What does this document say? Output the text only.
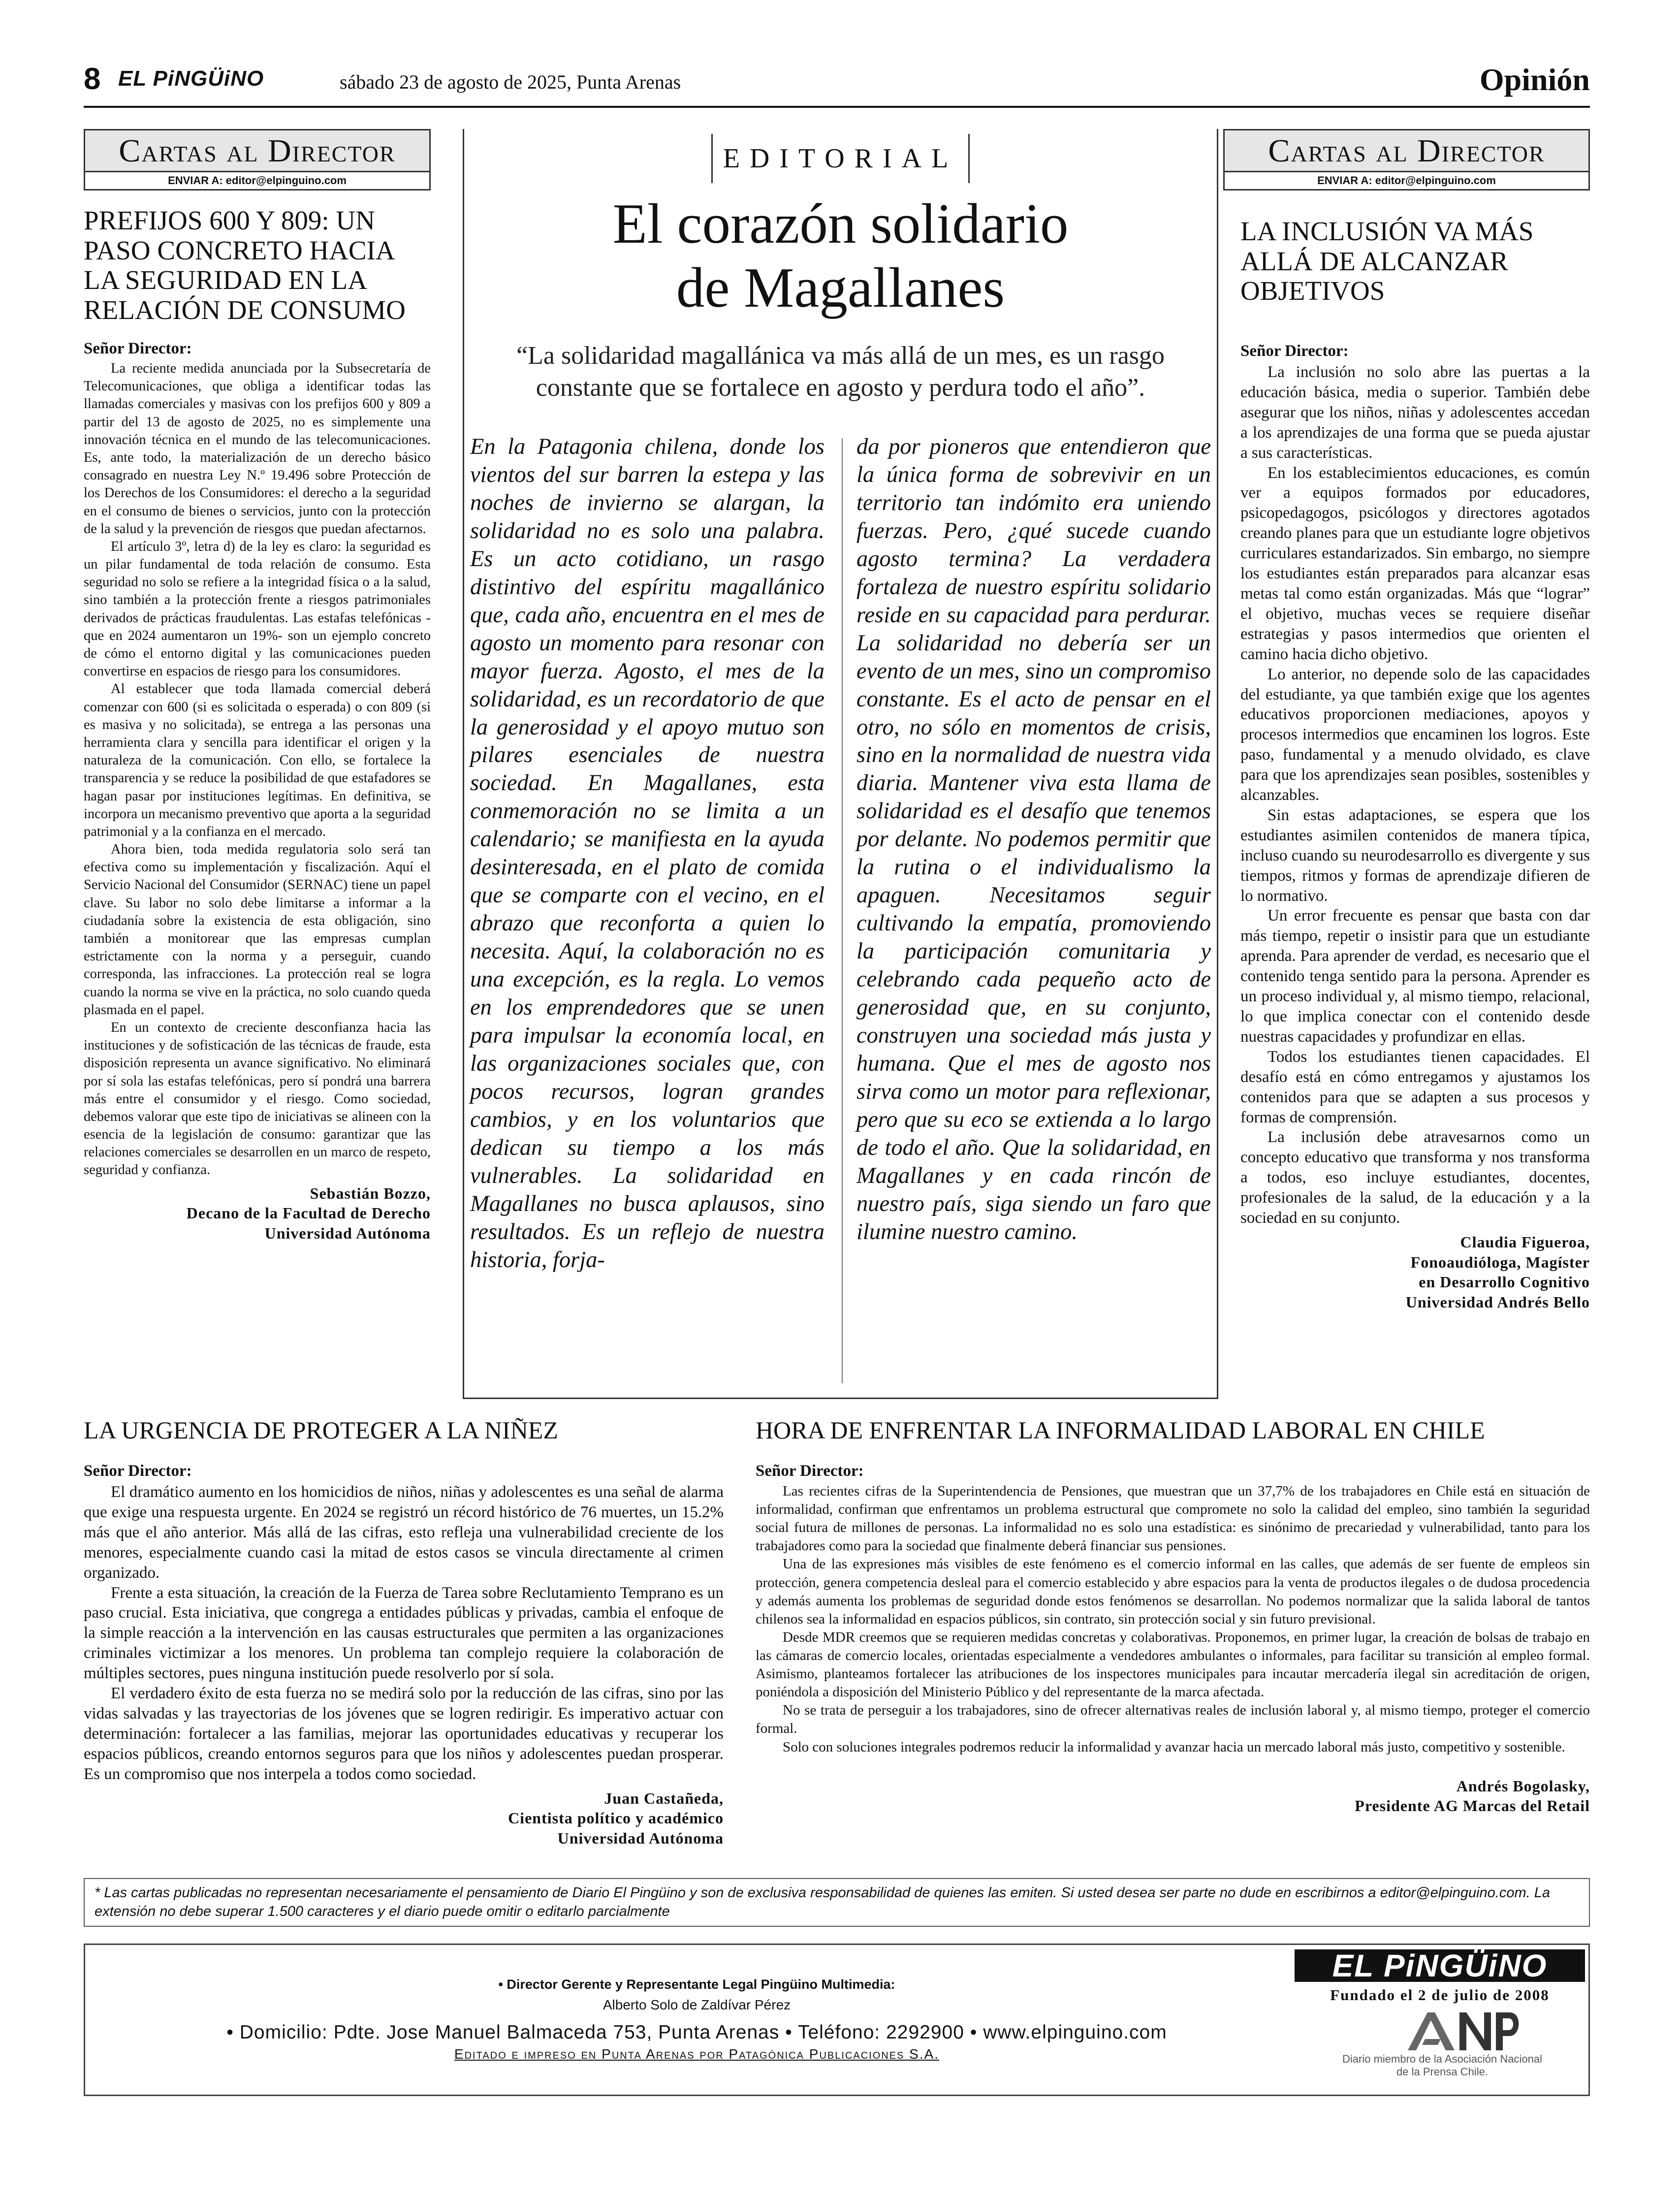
8 EL PiNGÜiNO	sábado 23 de agosto de 2025, Punta Arenas	Opinión
Cartas al Director
ENVIAR A: editor@elpinguino.com
PREFIJOS 600 Y 809: UN PASO CONCRETO HACIA LA SEGURIDAD EN LA RELACIÓN DE CONSUMO
Señor Director:

La reciente medida anunciada por la Subsecretaría de Telecomunicaciones, que obliga a identificar todas las llamadas comerciales y masivas con los prefijos 600 y 809 a partir del 13 de agosto de 2025, no es simplemente una innovación técnica en el mundo de las telecomunicaciones. Es, ante todo, la materialización de un derecho básico consagrado en nuestra Ley N.º 19.496 sobre Protección de los Derechos de los Consumidores: el derecho a la seguridad en el consumo de bienes o servicios, junto con la protección de la salud y la prevención de riesgos que puedan afectarnos.

El artículo 3º, letra d) de la ley es claro: la seguridad es un pilar fundamental de toda relación de consumo. Esta seguridad no solo se refiere a la integridad física o a la salud, sino también a la protección frente a riesgos patrimoniales derivados de prácticas fraudulentas. Las estafas telefónicas -que en 2024 aumentaron un 19%- son un ejemplo concreto de cómo el entorno digital y las comunicaciones pueden convertirse en espacios de riesgo para los consumidores.

Al establecer que toda llamada comercial deberá comenzar con 600 (si es solicitada o esperada) o con 809 (si es masiva y no solicitada), se entrega a las personas una herramienta clara y sencilla para identificar el origen y la naturaleza de la comunicación. Con ello, se fortalece la transparencia y se reduce la posibilidad de que estafadores se hagan pasar por instituciones legítimas. En definitiva, se incorpora un mecanismo preventivo que aporta a la seguridad patrimonial y a la confianza en el mercado.

Ahora bien, toda medida regulatoria solo será tan efectiva como su implementación y fiscalización. Aquí el Servicio Nacional del Consumidor (SERNAC) tiene un papel clave. Su labor no solo debe limitarse a informar a la ciudadanía sobre la existencia de esta obligación, sino también a monitorear que las empresas cumplan estrictamente con la norma y a perseguir, cuando corresponda, las infracciones. La protección real se logra cuando la norma se vive en la práctica, no solo cuando queda plasmada en el papel.

En un contexto de creciente desconfianza hacia las instituciones y de sofisticación de las técnicas de fraude, esta disposición representa un avance significativo. No eliminará por sí sola las estafas telefónicas, pero sí pondrá una barrera más entre el consumidor y el riesgo. Como sociedad, debemos valorar que este tipo de iniciativas se alineen con la esencia de la legislación de consumo: garantizar que las relaciones comerciales se desarrollen en un marco de respeto, seguridad y confianza.

Sebastián Bozzo,
Decano de la Facultad de Derecho
Universidad Autónoma
EDITORIAL
El corazón solidario
de Magallanes
“La solidaridad magallánica va más allá de un mes, es un rasgo constante que se fortalece en agosto y perdura todo el año”.
En la Patagonia chilena, donde los vientos del sur barren la estepa y las noches de invierno se alargan, la solidaridad no es solo una palabra. Es un acto cotidiano, un rasgo distintivo del espíritu magallánico que, cada año, encuentra en el mes de agosto un momento para resonar con mayor fuerza. Agosto, el mes de la solidaridad, es un recordatorio de que la generosidad y el apoyo mutuo son pilares esenciales de nuestra sociedad. En Magallanes, esta conmemoración no se limita a un calendario; se manifiesta en la ayuda desinteresada, en el plato de comida que se comparte con el vecino, en el abrazo que reconforta a quien lo necesita. Aquí, la colaboración no es una excepción, es la regla. Lo vemos en los emprendedores que se unen para impulsar la economía local, en las organizaciones sociales que, con pocos recursos, logran grandes cambios, y en los voluntarios que dedican su tiempo a los más vulnerables. La solidaridad en Magallanes no busca aplausos, sino resultados. Es un reflejo de nuestra historia, forja-
da por pioneros que entendieron que la única forma de sobrevivir en un territorio tan indómito era uniendo fuerzas. Pero, ¿qué sucede cuando agosto termina? La verdadera fortaleza de nuestro espíritu solidario reside en su capacidad para perdurar. La solidaridad no debería ser un evento de un mes, sino un compromiso constante. Es el acto de pensar en el otro, no sólo en momentos de crisis, sino en la normalidad de nuestra vida diaria. Mantener viva esta llama de solidaridad es el desafío que tenemos por delante. No podemos permitir que la rutina o el individualismo la apaguen. Necesitamos seguir cultivando la empatía, promoviendo la participación comunitaria y celebrando cada pequeño acto de generosidad que, en su conjunto, construyen una sociedad más justa y humana. Que el mes de agosto nos sirva como un motor para reflexionar, pero que su eco se extienda a lo largo de todo el año. Que la solidaridad, en Magallanes y en cada rincón de nuestro país, siga siendo un faro que ilumine nuestro camino.
Cartas al Director
ENVIAR A: editor@elpinguino.com
LA INCLUSIÓN VA MÁS ALLÁ DE ALCANZAR OBJETIVOS
Señor Director:

La inclusión no solo abre las puertas a la educación básica, media o superior. También debe asegurar que los niños, niñas y adolescentes accedan a los aprendizajes de una forma que se pueda ajustar a sus características.

En los establecimientos educaciones, es común ver a equipos formados por educadores, psicopedagogos, psicólogos y directores agotados creando planes para que un estudiante logre objetivos curriculares estandarizados. Sin embargo, no siempre los estudiantes están preparados para alcanzar esas metas tal como están organizadas. Más que “lograr” el objetivo, muchas veces se requiere diseñar estrategias y pasos intermedios que orienten el camino hacia dicho objetivo.

Lo anterior, no depende solo de las capacidades del estudiante, ya que también exige que los agentes educativos proporcionen mediaciones, apoyos y procesos intermedios que encaminen los logros. Este paso, fundamental y a menudo olvidado, es clave para que los aprendizajes sean posibles, sostenibles y alcanzables.

Sin estas adaptaciones, se espera que los estudiantes asimilen contenidos de manera típica, incluso cuando su neurodesarrollo es divergente y sus tiempos, ritmos y formas de aprendizaje difieren de lo normativo.

Un error frecuente es pensar que basta con dar más tiempo, repetir o insistir para que un estudiante aprenda. Para aprender de verdad, es necesario que el contenido tenga sentido para la persona. Aprender es un proceso individual y, al mismo tiempo, relacional, lo que implica conectar con el contenido desde nuestras capacidades y profundizar en ellas.

Todos los estudiantes tienen capacidades. El desafío está en cómo entregamos y ajustamos los contenidos para que se adapten a sus procesos y formas de comprensión.

La inclusión debe atravesarnos como un concepto educativo que transforma y nos transforma a todos, eso incluye estudiantes, docentes, profesionales de la salud, de la educación y a la sociedad en su conjunto.

Claudia Figueroa,
Fonoaudióloga, Magíster
en Desarrollo Cognitivo
Universidad Andrés Bello
LA URGENCIA DE PROTEGER A LA NIÑEZ
Señor Director:

El dramático aumento en los homicidios de niños, niñas y adolescentes es una señal de alarma que exige una respuesta urgente. En 2024 se registró un récord histórico de 76 muertes, un 15.2% más que el año anterior. Más allá de las cifras, esto refleja una vulnerabilidad creciente de los menores, especialmente cuando casi la mitad de estos casos se vincula directamente al crimen organizado.

Frente a esta situación, la creación de la Fuerza de Tarea sobre Reclutamiento Temprano es un paso crucial. Esta iniciativa, que congrega a entidades públicas y privadas, cambia el enfoque de la simple reacción a la intervención en las causas estructurales que permiten a las organizaciones criminales victimizar a los menores. Un problema tan complejo requiere la colaboración de múltiples sectores, pues ninguna institución puede resolverlo por sí sola.

El verdadero éxito de esta fuerza no se medirá solo por la reducción de las cifras, sino por las vidas salvadas y las trayectorias de los jóvenes que se logren redirigir. Es imperativo actuar con determinación: fortalecer a las familias, mejorar las oportunidades educativas y recuperar los espacios públicos, creando entornos seguros para que los niños y adolescentes puedan prosperar. Es un compromiso que nos interpela a todos como sociedad.

Juan Castañeda,
Cientista político y académico
Universidad Autónoma
HORA DE ENFRENTAR LA INFORMALIDAD LABORAL EN CHILE
Señor Director:

Las recientes cifras de la Superintendencia de Pensiones, que muestran que un 37,7% de los trabajadores en Chile está en situación de informalidad, confirman que enfrentamos un problema estructural que compromete no solo la calidad del empleo, sino también la seguridad social futura de millones de personas. La informalidad no es solo una estadística: es sinónimo de precariedad y vulnerabilidad, tanto para los trabajadores como para la sociedad que finalmente deberá financiar sus pensiones.

Una de las expresiones más visibles de este fenómeno es el comercio informal en las calles, que además de ser fuente de empleos sin protección, genera competencia desleal para el comercio establecido y abre espacios para la venta de productos ilegales o de dudosa procedencia y además aumenta los problemas de seguridad donde estos fenómenos se desarrollan. No podemos normalizar que la salida laboral de tantos chilenos sea la informalidad en espacios públicos, sin contrato, sin protección social y sin futuro previsional.

Desde MDR creemos que se requieren medidas concretas y colaborativas. Proponemos, en primer lugar, la creación de bolsas de trabajo en las cámaras de comercio locales, orientadas especialmente a vendedores ambulantes o informales, para facilitar su transición al empleo formal. Asimismo, planteamos fortalecer las atribuciones de los inspectores municipales para incautar mercadería ilegal sin acreditación de origen, poniéndola a disposición del Ministerio Público y del representante de la marca afectada.

No se trata de perseguir a los trabajadores, sino de ofrecer alternativas reales de inclusión laboral y, al mismo tiempo, proteger el comercio formal.

Solo con soluciones integrales podremos reducir la informalidad y avanzar hacia un mercado laboral más justo, competitivo y sostenible.

Andrés Bogolasky,
Presidente AG Marcas del Retail
* Las cartas publicadas no representan necesariamente el pensamiento de Diario El Pingüino y son de exclusiva responsabilidad de quienes las emiten. Si usted desea ser parte no dude en escribirnos a editor@elpinguino.com. La extensión no debe superar 1.500 caracteres y el diario puede omitir o editarlo parcialmente
• Director Gerente y Representante Legal Pingüino Multimedia:
Alberto Solo de Zaldívar Pérez
• Domicilio: Pdte. Jose Manuel Balmaceda 753, Punta Arenas • Teléfono: 2292900 • www.elpinguino.com
Editado e impreso en Punta Arenas por Patagónica Publicaciones S.A.
EL PiNGÜiNO
Fundado el 2 de julio de 2008
Diario miembro de la Asociación Nacional de la Prensa Chile.
